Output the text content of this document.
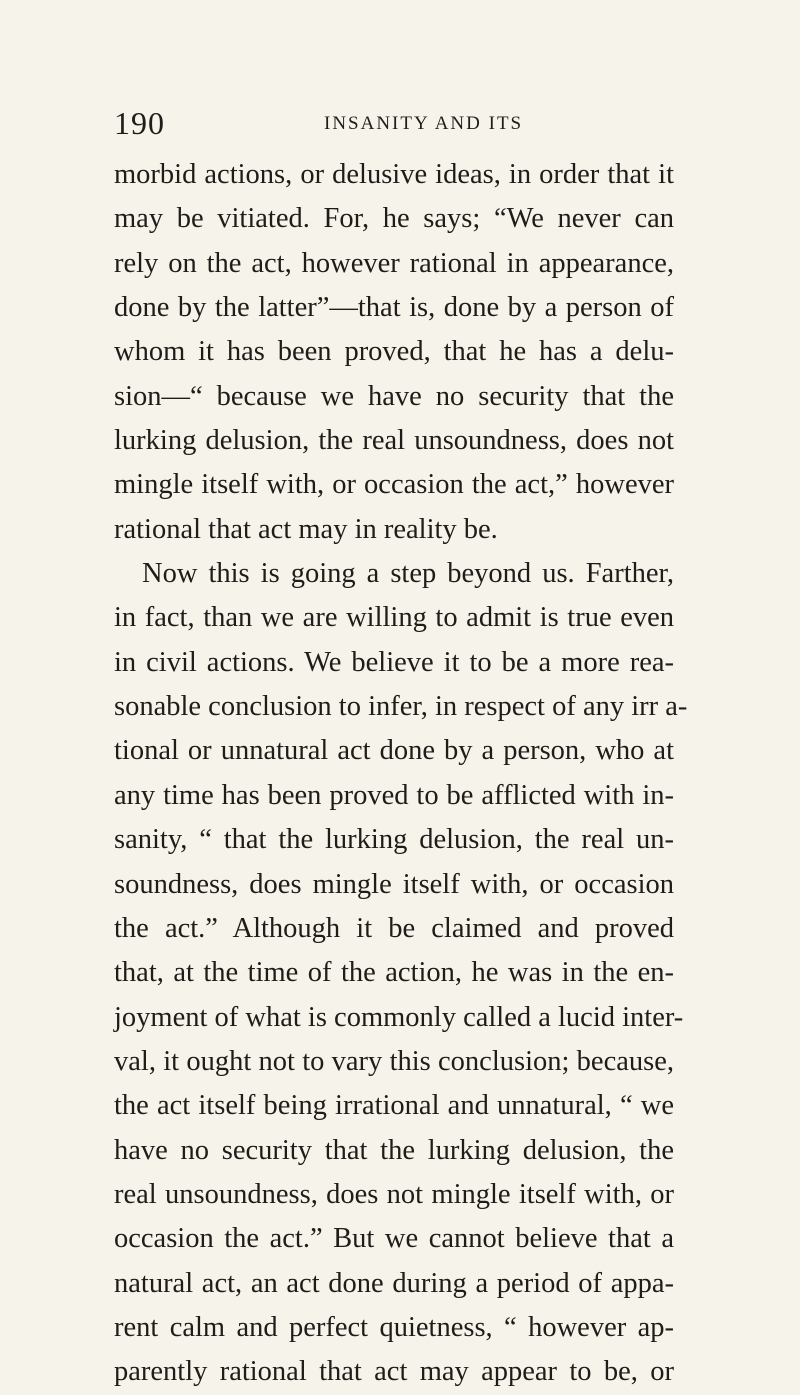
190	INSANITY AND ITS
morbid actions, or delusive ideas, in order that it
may be vitiated. For, he says; “We never can
rely on the act, however rational in appearance,
done by the latter”—that is, done by a person of
whom it has been proved, that he has a delu-
sion—“ because we have no security that the
lurking delusion, the real unsoundness, does not
mingle itself with, or occasion the act,” however
rational that act may in reality be.
Now this is going a step beyond us. Farther,
in fact, than we are willing to admit is true even
in civil actions. We believe it to be a more rea-
sonable conclusion to infer, in respect of any irr a-
tional or unnatural act done by a person, who at
any time has been proved to be afflicted with in-
sanity, “ that the lurking delusion, the real un-
soundness, does mingle itself with, or occasion
the act.” Although it be claimed and proved
that, at the time of the action, he was in the en-
joyment of what is commonly called a lucid inter-
val, it ought not to vary this conclusion; because,
the act itself being irrational and unnatural, “ we
have no security that the lurking delusion, the
real unsoundness, does not mingle itself with, or
occasion the act.” But we cannot believe that a
natural act, an act done during a period of appa-
rent calm and perfect quietness, “ however ap-
parently rational that act may appear to be, or
